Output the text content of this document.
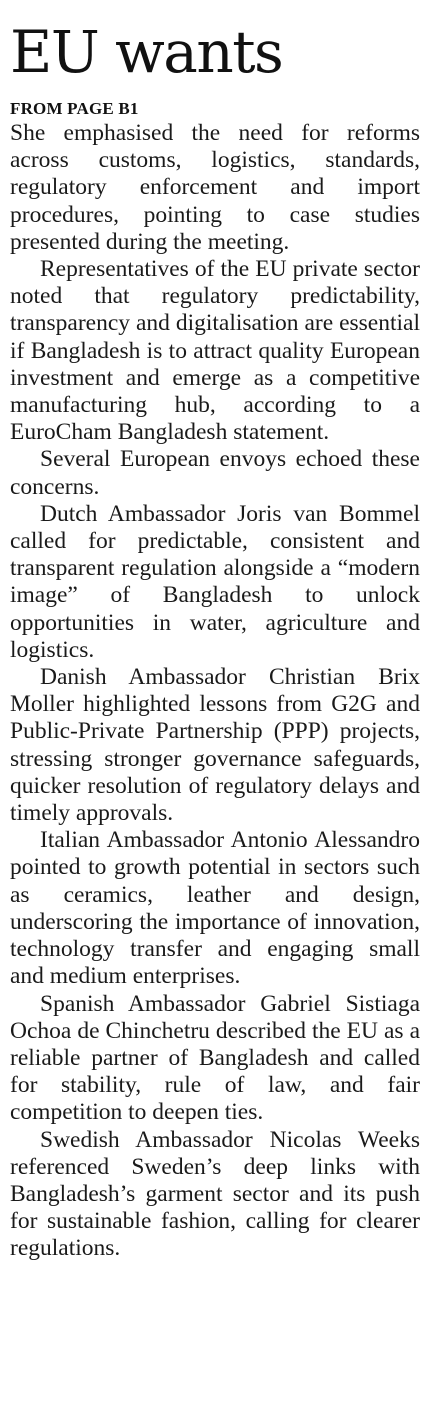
EU wants
FROM PAGE B1

She emphasised the need for reforms across customs, logistics, standards, regulatory enforcement and import procedures, pointing to case studies presented during the meeting.

Representatives of the EU private sector noted that regulatory predictability, transparency and digitalisation are essential if Bangladesh is to attract quality European investment and emerge as a competitive manufacturing hub, according to a EuroCham Bangladesh statement.

Several European envoys echoed these concerns.

Dutch Ambassador Joris van Bommel called for predictable, consistent and transparent regulation alongside a “modern image” of Bangladesh to unlock opportunities in water, agriculture and logistics.

Danish Ambassador Christian Brix Moller highlighted lessons from G2G and Public-Private Partnership (PPP) projects, stressing stronger governance safeguards, quicker resolution of regulatory delays and timely approvals.

Italian Ambassador Antonio Alessandro pointed to growth potential in sectors such as ceramics, leather and design, underscoring the importance of innovation, technology transfer and engaging small and medium enterprises.

Spanish Ambassador Gabriel Sistiaga Ochoa de Chinchetru described the EU as a reliable partner of Bangladesh and called for stability, rule of law, and fair competition to deepen ties.

Swedish Ambassador Nicolas Weeks referenced Sweden’s deep links with Bangladesh’s garment sector and its push for sustainable fashion, calling for clearer regulations.
